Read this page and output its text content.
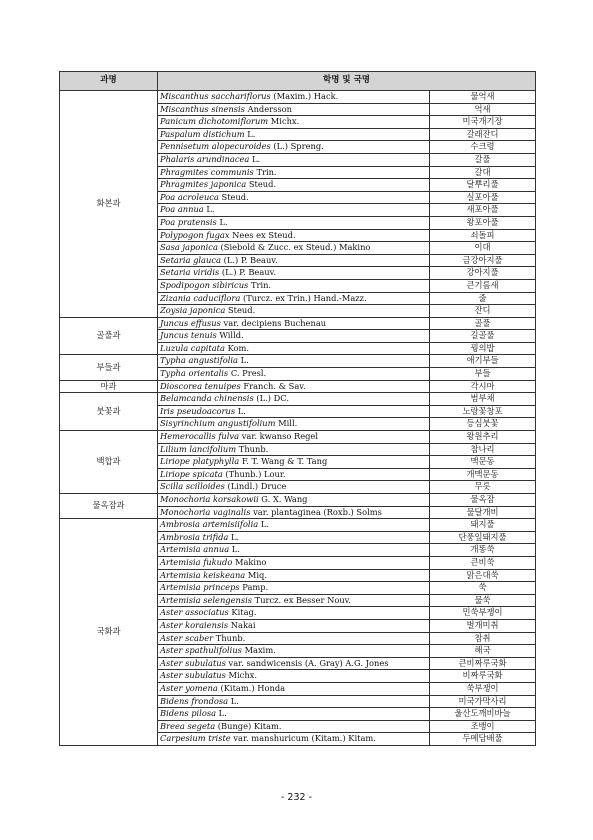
과명	학명 및 국명	
화본과	Miscanthus sacchariflorus (Maxim.) Hack.	물억새
	Miscanthus sinensis Andersson	억새
	Panicum dichotomiflorum Michx.	미국개기장
	Paspalum distichum L.	갈래잔디
	Pennisetum alopecuroides (L.) Spreng.	수크령
	Phalaris arundinacea L.	갈풀
	Phragmites communis Trin.	갈대
	Phragmites japonica Steud.	달뿌리풀
	Poa acroleuca Steud.	실포아풀
	Poa annua L.	새포아풀
	Poa pratensis L.	왕포아풀
	Polypogon fugax Nees ex Steud.	쇠돌피
	Sasa japonica (Siebold & Zucc. ex Steud.) Makino	이대
	Setaria glauca (L.) P. Beauv.	금강아지풀
	Setaria viridis (L.) P. Beauv.	강아지풀
	Spodipogon sibiricus Trin.	큰기름새
	Zizania caduciflora (Turcz. ex Trin.) Hand.-Mazz.	줄
	Zoysia japonica Steud.	잔디
골풀과	Juncus effusus var. decipiens Buchenau	골풀
	Juncus tenuis Willd.	길골풀
	Luzula capitata Kom.	꿩의밥
부들과	Typha angustifolia L.	애기부들
	Typha orientalis C. Presl.	부들
마과	Dioscorea tenuipes Franch. & Sav.	각시마
붓꽃과	Belamcanda chinensis (L.) DC.	범부채
	Iris pseudoacorus L.	노랑꽃창포
	Sisyrinchium angustifolium Mill.	등심붓꽃
백합과	Hemerocallis fulva var. kwanso Regel	왕원추리
	Lilium lancifolium Thunb.	참나리
	Liriope platyphylla F. T. Wang & T. Tang	맥문동
	Liriope spicata (Thunb.) Lour.	개맥문동
	Scilla scilloides (Lindl.) Druce	무릇
물옥잠과	Monochoria korsakowii G. X. Wang	물옥잠
	Monochoria vaginalis var. plantaginea (Roxb.) Solms	물달개비
국화과	Ambrosia artemisiifolia L.	돼지풀
	Ambrosia trifida L.	단풍잎돼지풀
	Artemisia annua L.	개똥쑥
	Artemisia fukudo Makino	큰비쑥
	Artemisia keiskeana Miq.	맑은대쑥
	Artemisia princeps Pamp.	쑥
	Artemisia selengensis Turcz. ex Besser Nouv.	물쑥
	Aster associatus Kitag.	민쑥부쟁이
	Aster koraiensis Nakai	벌개미취
	Aster scaber Thunb.	참취
	Aster spathulifolius Maxim.	해국
	Aster subulatus var. sandwicensis (A. Gray) A.G. Jones	큰비짜루국화
	Aster subulatus Michx.	비짜루국화
	Aster yomena (Kitam.) Honda	쑥부쟁이
	Bidens frondosa L.	미국가막사리
	Bidens pilosa L.	울산도깨비바늘
	Breea segeta (Bunge) Kitam.	조뱅이
	Carpesium triste var. manshuricum (Kitam.) Kitam.	두메담배풀
- 232 -
